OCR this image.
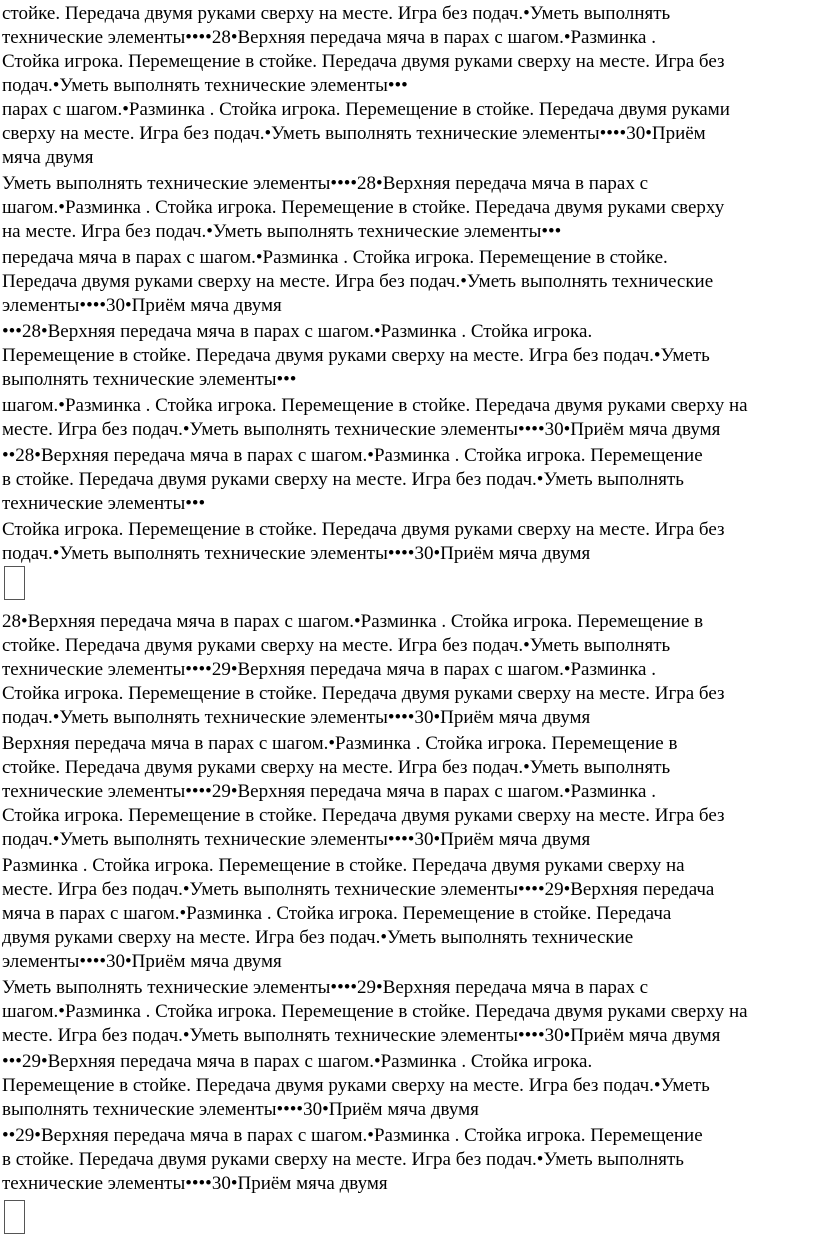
стойке. Передача двумя руками сверху на месте. Игра без подач.•Уметь выполнять
технические элементы••••28•Верхняя передача мяча в парах с шагом.•Разминка .
Стойка игрока. Перемещение в стойке. Передача двумя руками сверху на месте. Игра без
подач.•Уметь выполнять технические элементы•••
парах с шагом.•Разминка . Стойка игрока. Перемещение в стойке. Передача двумя руками
сверху на месте. Игра без подач.•Уметь выполнять технические элементы••••30•Приём
мяча двумя
Уметь выполнять технические элементы••••28•Верхняя передача мяча в парах с
шагом.•Разминка . Стойка игрока. Перемещение в стойке. Передача двумя руками сверху
на месте. Игра без подач.•Уметь выполнять технические элементы•••
передача мяча в парах с шагом.•Разминка . Стойка игрока. Перемещение в стойке.
Передача двумя руками сверху на месте. Игра без подач.•Уметь выполнять технические
элементы••••30•Приём мяча двумя
•••28•Верхняя передача мяча в парах с шагом.•Разминка . Стойка игрока.
Перемещение в стойке. Передача двумя руками сверху на месте. Игра без подач.•Уметь
выполнять технические элементы•••
шагом.•Разминка . Стойка игрока. Перемещение в стойке. Передача двумя руками сверху на
месте. Игра без подач.•Уметь выполнять технические элементы••••30•Приём мяча двумя
••28•Верхняя передача мяча в парах с шагом.•Разминка . Стойка игрока. Перемещение
в стойке. Передача двумя руками сверху на месте. Игра без подач.•Уметь выполнять
технические элементы•••
Стойка игрока. Перемещение в стойке. Передача двумя руками сверху на месте. Игра без
подач.•Уметь выполнять технические элементы••••30•Приём мяча двумя
28•Верхняя передача мяча в парах с шагом.•Разминка . Стойка игрока. Перемещение в
стойке. Передача двумя руками сверху на месте. Игра без подач.•Уметь выполнять
технические элементы••••29•Верхняя передача мяча в парах с шагом.•Разминка .
Стойка игрока. Перемещение в стойке. Передача двумя руками сверху на месте. Игра без
подач.•Уметь выполнять технические элементы••••30•Приём мяча двумя
Верхняя передача мяча в парах с шагом.•Разминка . Стойка игрока. Перемещение в
стойке. Передача двумя руками сверху на месте. Игра без подач.•Уметь выполнять
технические элементы••••29•Верхняя передача мяча в парах с шагом.•Разминка .
Стойка игрока. Перемещение в стойке. Передача двумя руками сверху на месте. Игра без
подач.•Уметь выполнять технические элементы••••30•Приём мяча двумя
Разминка . Стойка игрока. Перемещение в стойке. Передача двумя руками сверху на
месте. Игра без подач.•Уметь выполнять технические элементы••••29•Верхняя передача
мяча в парах с шагом.•Разминка . Стойка игрока. Перемещение в стойке. Передача
двумя руками сверху на месте. Игра без подач.•Уметь выполнять технические
элементы••••30•Приём мяча двумя
Уметь выполнять технические элементы••••29•Верхняя передача мяча в парах с
шагом.•Разминка . Стойка игрока. Перемещение в стойке. Передача двумя руками сверху на
месте. Игра без подач.•Уметь выполнять технические элементы••••30•Приём мяча двумя
•••29•Верхняя передача мяча в парах с шагом.•Разминка . Стойка игрока.
Перемещение в стойке. Передача двумя руками сверху на месте. Игра без подач.•Уметь
выполнять технические элементы••••30•Приём мяча двумя
••29•Верхняя передача мяча в парах с шагом.•Разминка . Стойка игрока. Перемещение
в стойке. Передача двумя руками сверху на месте. Игра без подач.•Уметь выполнять
технические элементы••••30•Приём мяча двумя
